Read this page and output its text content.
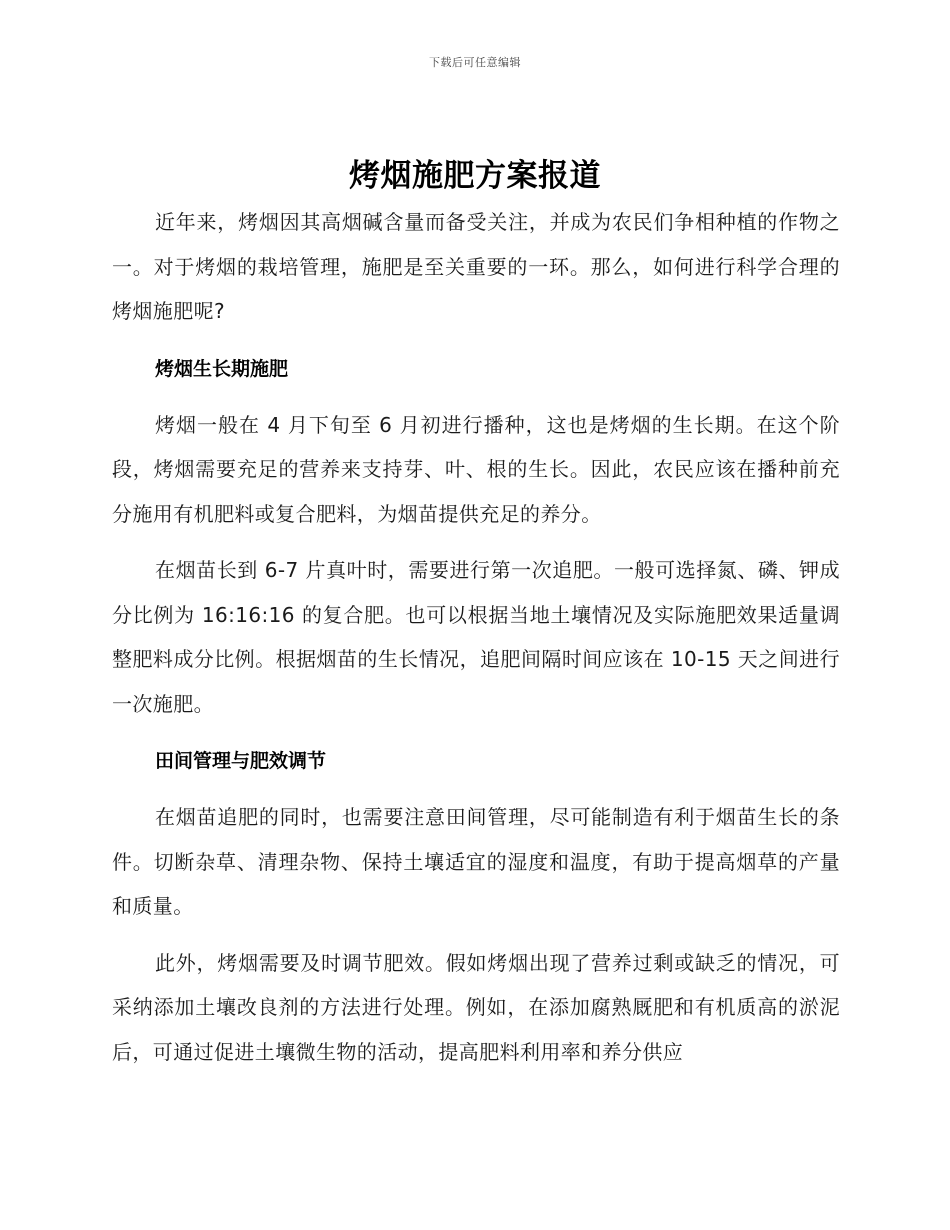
下载后可任意编辑
烤烟施肥方案报道

近年来，烤烟因其高烟碱含量而备受关注，并成为农民们争相种植的作物之一。对于烤烟的栽培管理，施肥是至关重要的一环。那么，如何进行科学合理的烤烟施肥呢?

烤烟生长期施肥

烤烟一般在 4 月下旬至 6 月初进行播种，这也是烤烟的生长期。在这个阶段，烤烟需要充足的营养来支持芽、叶、根的生长。因此，农民应该在播种前充分施用有机肥料或复合肥料，为烟苗提供充足的养分。

在烟苗长到 6-7 片真叶时，需要进行第一次追肥。一般可选择氮、磷、钾成分比例为 16:16:16 的复合肥。也可以根据当地土壤情况及实际施肥效果适量调整肥料成分比例。根据烟苗的生长情况，追肥间隔时间应该在 10-15 天之间进行一次施肥。

田间管理与肥效调节

在烟苗追肥的同时，也需要注意田间管理，尽可能制造有利于烟苗生长的条件。切断杂草、清理杂物、保持土壤适宜的湿度和温度，有助于提高烟草的产量和质量。

此外，烤烟需要及时调节肥效。假如烤烟出现了营养过剩或缺乏的情况，可采纳添加土壤改良剂的方法进行处理。例如，在添加腐熟厩肥和有机质高的淤泥后，可通过促进土壤微生物的活动，提高肥料利用率和养分供应
